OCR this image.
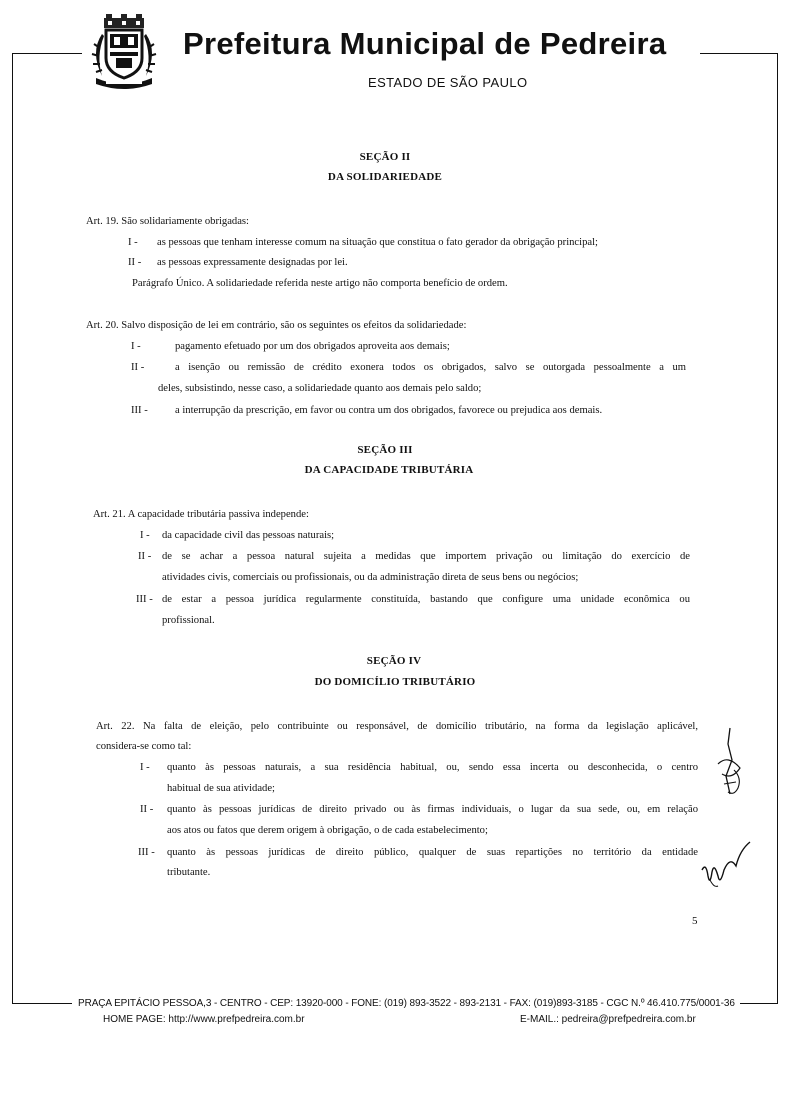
Prefeitura Municipal de Pedreira
ESTADO DE SÃO PAULO
SEÇÃO II
DA SOLIDARIEDADE
Art. 19. São solidariamente obrigadas:
I - as pessoas que tenham interesse comum na situação que constitua o fato gerador da obrigação principal;
II - as pessoas expressamente designadas por lei.
Parágrafo Único. A solidariedade referida neste artigo não comporta benefício de ordem.
Art. 20. Salvo disposição de lei em contrário, são os seguintes os efeitos da solidariedade:
I -	pagamento efetuado por um dos obrigados aproveita aos demais;
II -	a isenção ou remissão de crédito exonera todos os obrigados, salvo se outorgada pessoalmente a um
deles, subsistindo, nesse caso, a solidariedade quanto aos demais pelo saldo;
III -	a interrupção da prescrição, em favor ou contra um dos obrigados, favorece ou prejudica aos demais.
SEÇÃO III
DA CAPACIDADE TRIBUTÁRIA
Art. 21. A capacidade tributária passiva independe:
I - da capacidade civil das pessoas naturais;
II - de se achar a pessoa natural sujeita a medidas que importem privação ou limitação do exercício de
atividades civis, comerciais ou profissionais, ou da administração direta de seus bens ou negócios;
III - de estar a pessoa jurídica regularmente constituída, bastando que configure uma unidade econômica ou
profissional.
SEÇÃO IV
DO DOMICÍLIO TRIBUTÁRIO
Art. 22. Na falta de eleição, pelo contribuinte ou responsável, de domicílio tributário, na forma da legislação aplicável,
considera-se como tal:
I - quanto às pessoas naturais, a sua residência habitual, ou, sendo essa incerta ou desconhecida, o centro
habitual de sua atividade;
II - quanto às pessoas jurídicas de direito privado ou às firmas individuais, o lugar da sua sede, ou, em relação
aos atos ou fatos que derem origem à obrigação, o de cada estabelecimento;
III - quanto às pessoas jurídicas de direito público, qualquer de suas repartições no território da entidade
tributante.
5
PRAÇA EPITÁCIO PESSOA,3 - CENTRO - CEP: 13920-000 - FONE: (019) 893-3522 - 893-2131 - FAX: (019)893-3185 - CGC N.º 46.410.775/0001-36
HOME PAGE: http://www.prefpedreira.com.br	E-MAIL.: pedreira@prefpedreira.com.br
